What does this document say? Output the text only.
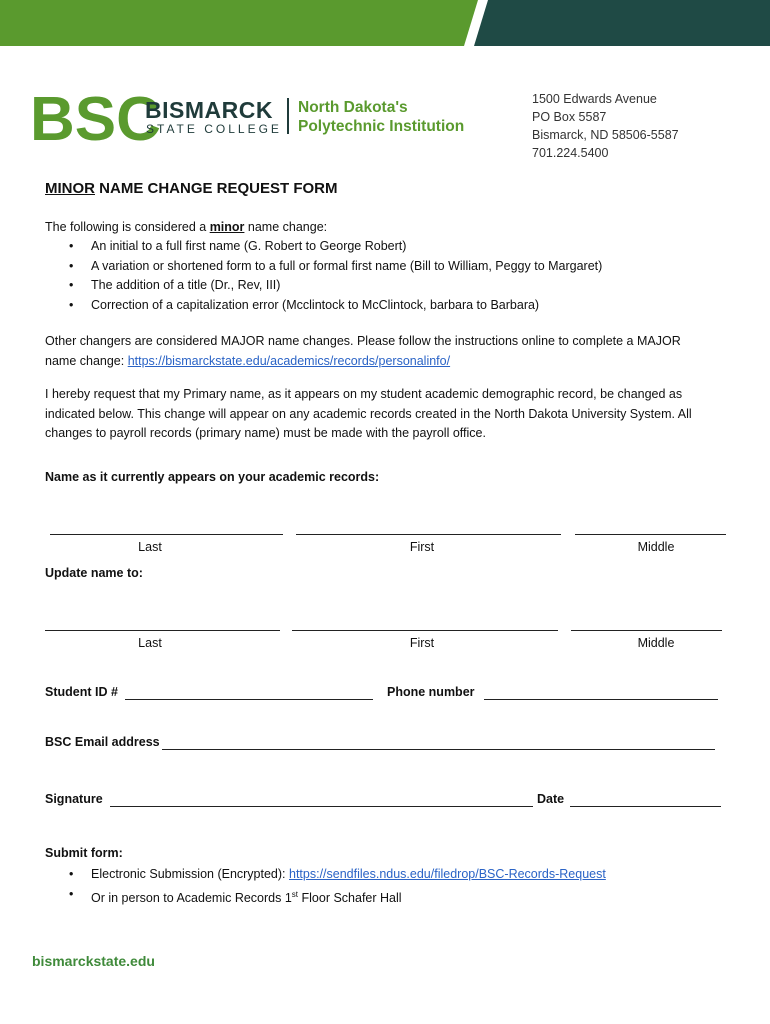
BSC
BISMARCK
STATE COLLEGE
North Dakota's
Polytechnic Institution
1500 Edwards Avenue
PO Box 5587
Bismarck, ND 58506-5587
701.224.5400
MINOR NAME CHANGE REQUEST FORM
The following is considered a minor name change:
• An initial to a full first name (G. Robert to George Robert)
• A variation or shortened form to a full or formal first name (Bill to William, Peggy to Margaret)
• The addition of a title (Dr., Rev, III)
• Correction of a capitalization error (Mcclintock to McClintock, barbara to Barbara)
Other changers are considered MAJOR name changes. Please follow the instructions online to complete a MAJOR name change: https://bismarckstate.edu/academics/records/personalinfo/
I hereby request that my Primary name, as it appears on my student academic demographic record, be changed as indicated below. This change will appear on any academic records created in the North Dakota University System. All changes to payroll records (primary name) must be made with the payroll office.
Name as it currently appears on your academic records:
Last	First	Middle
Update name to:
Last	First	Middle
Student ID #	Phone number
BSC Email address
Signature	Date
Submit form:
• Electronic Submission (Encrypted): https://sendfiles.ndus.edu/filedrop/BSC-Records-Request
• Or in person to Academic Records 1st Floor Schafer Hall
bismarckstate.edu
